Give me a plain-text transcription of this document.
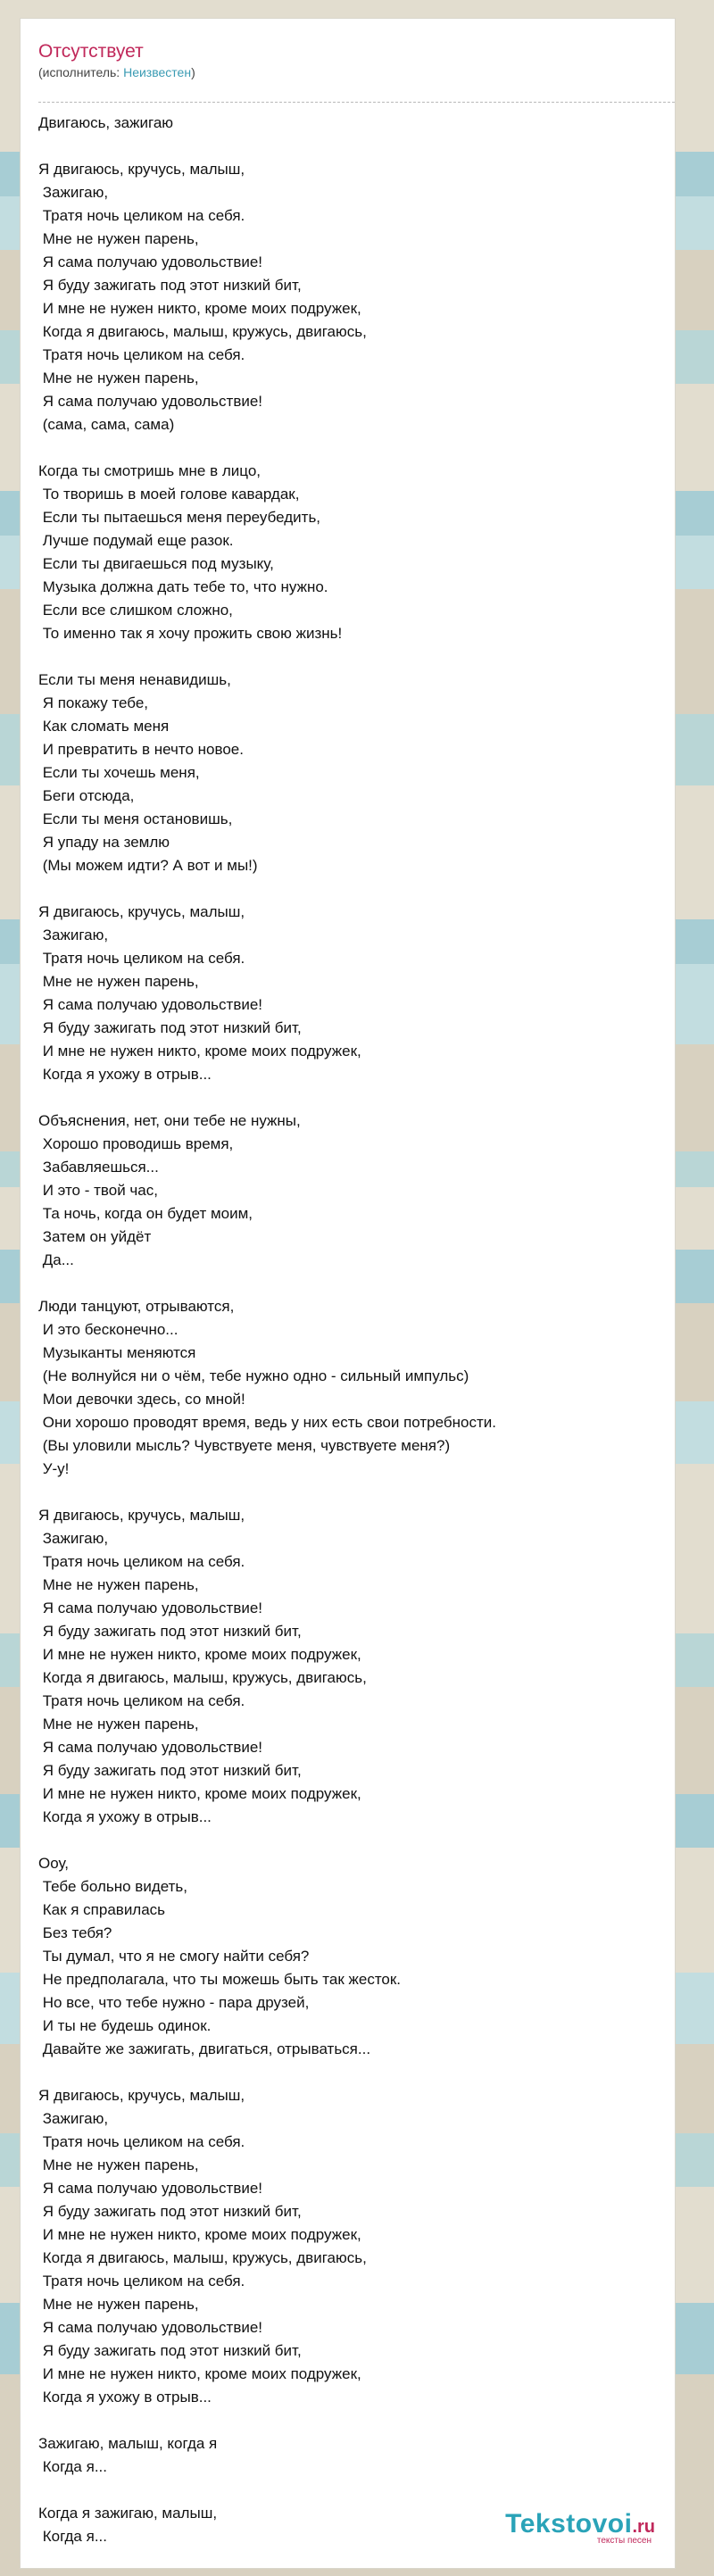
Отсутствует
(исполнитель: Неизвестен)
Двигаюсь, зажигаю
Я двигаюсь, кручусь, малыш,
Зажигаю,
Тратя ночь целиком на себя.
Мне не нужен парень,
Я сама получаю удовольствие!
Я буду зажигать под этот низкий бит,
И мне не нужен никто, кроме моих подружек,
Когда я двигаюсь, малыш, кружусь, двигаюсь,
Тратя ночь целиком на себя.
Мне не нужен парень,
Я сама получаю удовольствие!
(сама, сама, сама)
Когда ты смотришь мне в лицо,
То творишь в моей голове кавардак,
Если ты пытаешься меня переубедить,
Лучше подумай еще разок.
Если ты двигаешься под музыку,
Музыка должна дать тебе то, что нужно.
Если все слишком сложно,
То именно так я хочу прожить свою жизнь!
Если ты меня ненавидишь,
Я покажу тебе,
Как сломать меня
И превратить в нечто новое.
Если ты хочешь меня,
Беги отсюда,
Если ты меня остановишь,
Я упаду на землю
(Мы можем идти? А вот и мы!)
Я двигаюсь, кручусь, малыш,
Зажигаю,
Тратя ночь целиком на себя.
Мне не нужен парень,
Я сама получаю удовольствие!
Я буду зажигать под этот низкий бит,
И мне не нужен никто, кроме моих подружек,
Когда я ухожу в отрыв...
Объяснения, нет, они тебе не нужны,
Хорошо проводишь время,
Забавляешься...
И это - твой час,
Та ночь, когда он будет моим,
Затем он уйдёт
Да...
Люди танцуют, отрываются,
И это бесконечно...
Музыканты меняются
(Не волнуйся ни о чём, тебе нужно одно - сильный импульс)
Мои девочки здесь, со мной!
Они хорошо проводят время, ведь у них есть свои потребности.
(Вы уловили мысль? Чувствуете меня, чувствуете меня?)
У-у!
Я двигаюсь, кручусь, малыш,
Зажигаю,
Тратя ночь целиком на себя.
Мне не нужен парень,
Я сама получаю удовольствие!
Я буду зажигать под этот низкий бит,
И мне не нужен никто, кроме моих подружек,
Когда я двигаюсь, малыш, кружусь, двигаюсь,
Тратя ночь целиком на себя.
Мне не нужен парень,
Я сама получаю удовольствие!
Я буду зажигать под этот низкий бит,
И мне не нужен никто, кроме моих подружек,
Когда я ухожу в отрыв...
Ооу,
Тебе больно видеть,
Как я справилась
Без тебя?
Ты думал, что я не смогу найти себя?
Не предполагала, что ты можешь быть так жесток.
Но все, что тебе нужно - пара друзей,
И ты не будешь одинок.
Давайте же зажигать, двигаться, отрываться...
Я двигаюсь, кручусь, малыш,
Зажигаю,
Тратя ночь целиком на себя.
Мне не нужен парень,
Я сама получаю удовольствие!
Я буду зажигать под этот низкий бит,
И мне не нужен никто, кроме моих подружек,
Когда я двигаюсь, малыш, кружусь, двигаюсь,
Тратя ночь целиком на себя.
Мне не нужен парень,
Я сама получаю удовольствие!
Я буду зажигать под этот низкий бит,
И мне не нужен никто, кроме моих подружек,
Когда я ухожу в отрыв...
Зажигаю, малыш, когда я
Когда я...
Когда я зажигаю, малыш,
Когда я...	Tekstovoi.ru
тексты песен
